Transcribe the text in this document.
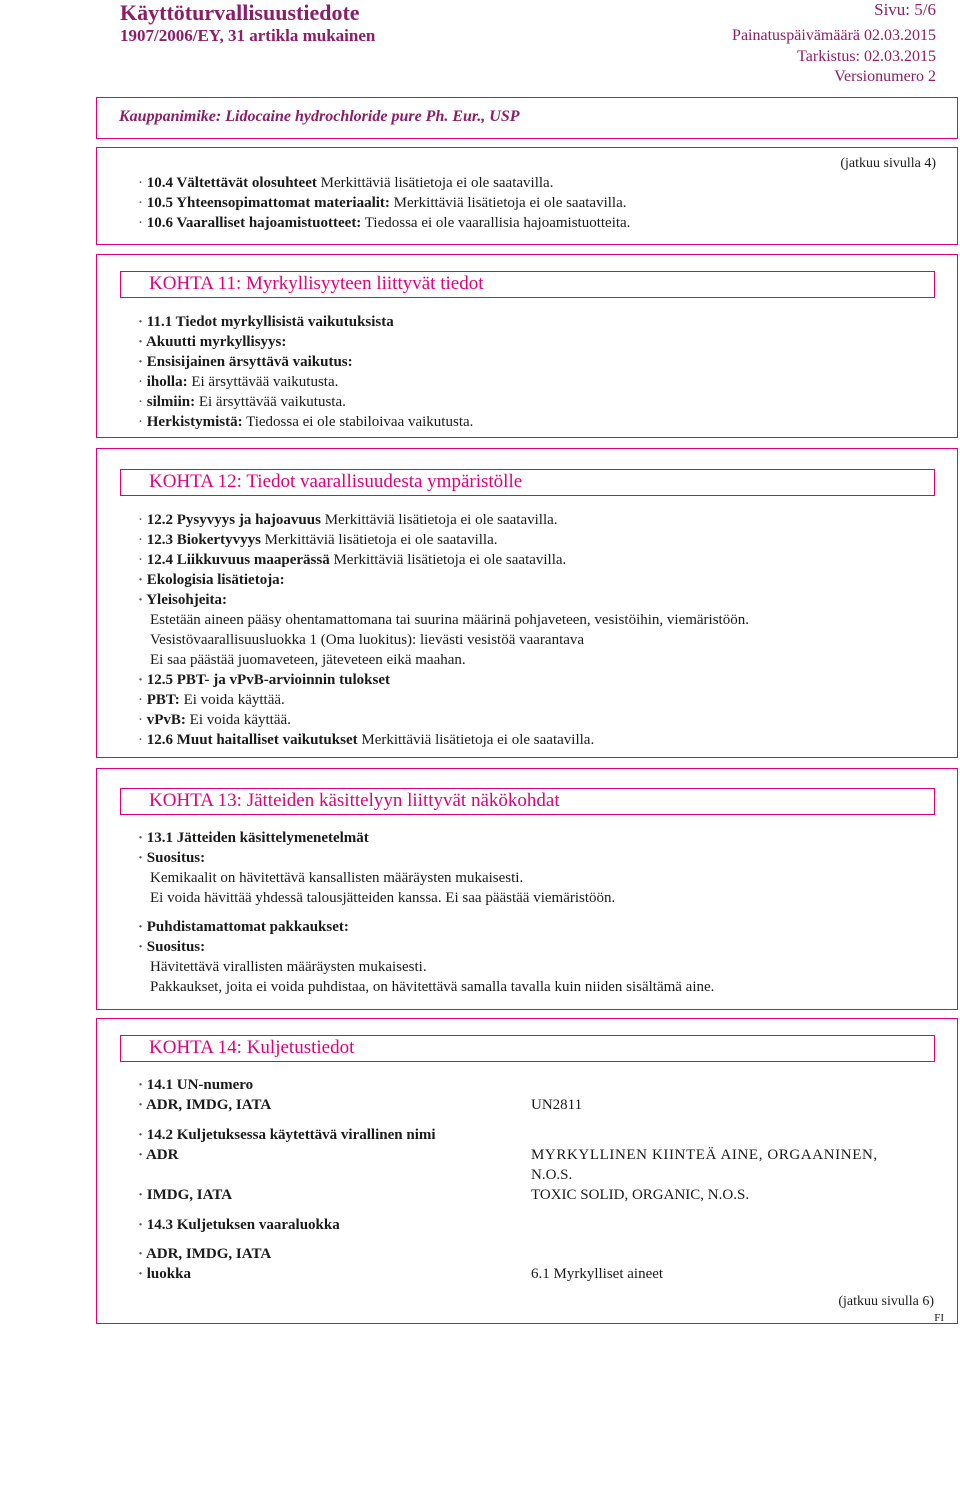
Käyttöturvallisuustiedote
1907/2006/EY, 31 artikla mukainen
Sivu: 5/6
Painatuspäivämäärä 02.03.2015
Tarkistus: 02.03.2015
Versionumero 2
Kauppanimike: Lidocaine hydrochloride pure Ph. Eur., USP
(jatkuu sivulla 4)
· 10.4 Vältettävät olosuhteet Merkittäviä lisätietoja ei ole saatavilla.
· 10.5 Yhteensopimattomat materiaalit: Merkittäviä lisätietoja ei ole saatavilla.
· 10.6 Vaaralliset hajoamistuotteet: Tiedossa ei ole vaarallisia hajoamistuotteita.
KOHTA 11: Myrkyllisyyteen liittyvät tiedot
· 11.1 Tiedot myrkyllisistä vaikutuksista
· Akuutti myrkyllisyys:
· Ensisijainen ärsyttävä vaikutus:
· iholla: Ei ärsyttävää vaikutusta.
· silmiin: Ei ärsyttävää vaikutusta.
· Herkistymistä: Tiedossa ei ole stabiloivaa vaikutusta.
KOHTA 12: Tiedot vaarallisuudesta ympäristölle
· 12.2 Pysyvyys ja hajoavuus Merkittäviä lisätietoja ei ole saatavilla.
· 12.3 Biokertyvyys Merkittäviä lisätietoja ei ole saatavilla.
· 12.4 Liikkuvuus maaperässä Merkittäviä lisätietoja ei ole saatavilla.
· Ekologisia lisätietoja:
· Yleisohjeita:
Estetään aineen pääsy ohentamattomana tai suurina määrinä pohjaveteen, vesistöihin, viemäristöön.
Vesistövaarallisuusluokka 1 (Oma luokitus): lievästi vesistöä vaarantava
Ei saa päästää juomaveteen, jäteveteen eikä maahan.
· 12.5 PBT- ja vPvB-arvioinnin tulokset
· PBT: Ei voida käyttää.
· vPvB: Ei voida käyttää.
· 12.6 Muut haitalliset vaikutukset Merkittäviä lisätietoja ei ole saatavilla.
KOHTA 13: Jätteiden käsittelyyn liittyvät näkökohdat
· 13.1 Jätteiden käsittelymenetelmät
· Suositus:
Kemikaalit on hävitettävä kansallisten määräysten mukaisesti.
Ei voida hävittää yhdessä talousjätteiden kanssa. Ei saa päästää viemäristöön.
· Puhdistamattomat pakkaukset:
· Suositus:
Hävitettävä virallisten määräysten mukaisesti.
Pakkaukset, joita ei voida puhdistaa, on hävitettävä samalla tavalla kuin niiden sisältämä aine.
KOHTA 14: Kuljetustiedot
· 14.1 UN-numero
· ADR, IMDG, IATA	UN2811
· 14.2 Kuljetuksessa käytettävä virallinen nimi
· ADR	MYRKYLLINEN KIINTEÄ AINE, ORGAANINEN,
N.O.S.
· IMDG, IATA	TOXIC SOLID, ORGANIC, N.O.S.
· 14.3 Kuljetuksen vaaraluokka
· ADR, IMDG, IATA
· luokka	6.1 Myrkylliset aineet
(jatkuu sivulla 6)
FI
